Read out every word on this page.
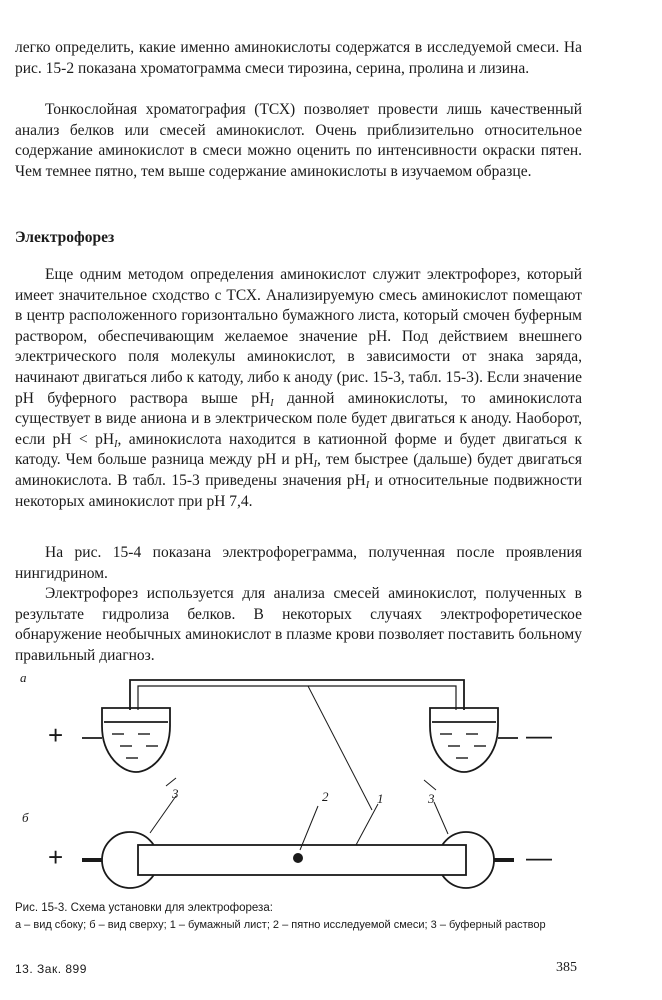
легко определить, какие именно аминокислоты содержатся в исследуемой смеси. На рис. 15-2 показана хроматограмма смеси тирозина, серина, пролина и лизина.

Тонкослойная хроматография (ТСХ) позволяет провести лишь качественный анализ белков или смесей аминокислот. Очень приблизительно относительное содержание аминокислот в смеси можно оценить по интенсивности окраски пятен. Чем темнее пятно, тем выше содержание аминокислоты в изучаемом образце.

Электрофорез

Еще одним методом определения аминокислот служит электрофорез, который имеет значительное сходство с ТСХ. Анализируемую смесь аминокислот помещают в центр расположенного горизонтально бумажного листа, который смочен буферным раствором, обеспечивающим желаемое значение pH. Под действием внешнего электрического поля молекулы аминокислот, в зависимости от знака заряда, начинают двигаться либо к катоду, либо к аноду (рис. 15-3, табл. 15-3). Если значение pH буферного раствора выше $pH_I$ данной аминокислоты, то аминокислота существует в виде аниона и в электрическом поле будет двигаться к аноду. Наоборот, если pH < $pH_I$, аминокислота находится в катионной форме и будет двигаться к катоду. Чем больше разница между pH и $pH_I$, тем быстрее (дальше) будет двигаться аминокислота. В табл. 15-3 приведены значения $pH_I$ и относительные подвижности некоторых аминокислот при pH 7,4.

На рис. 15-4 показана электрофореграмма, полученная после проявления нингидрином.

Электрофорез используется для анализа смесей аминокислот, полученных в результате гидролиза белков. В некоторых случаях электрофоретическое обнаружение необычных аминокислот в плазме крови позволяет поставить больному правильный диагноз.

а
б
+	—
+	—
3	2	1	3

Рис. 15-3. Схема установки для электрофореза:

а – вид сбоку; б – вид сверху; 1 – бумажный лист; 2 – пятно исследуемой смеси; 3 – буферный раствор

13. Зак. 899	385
